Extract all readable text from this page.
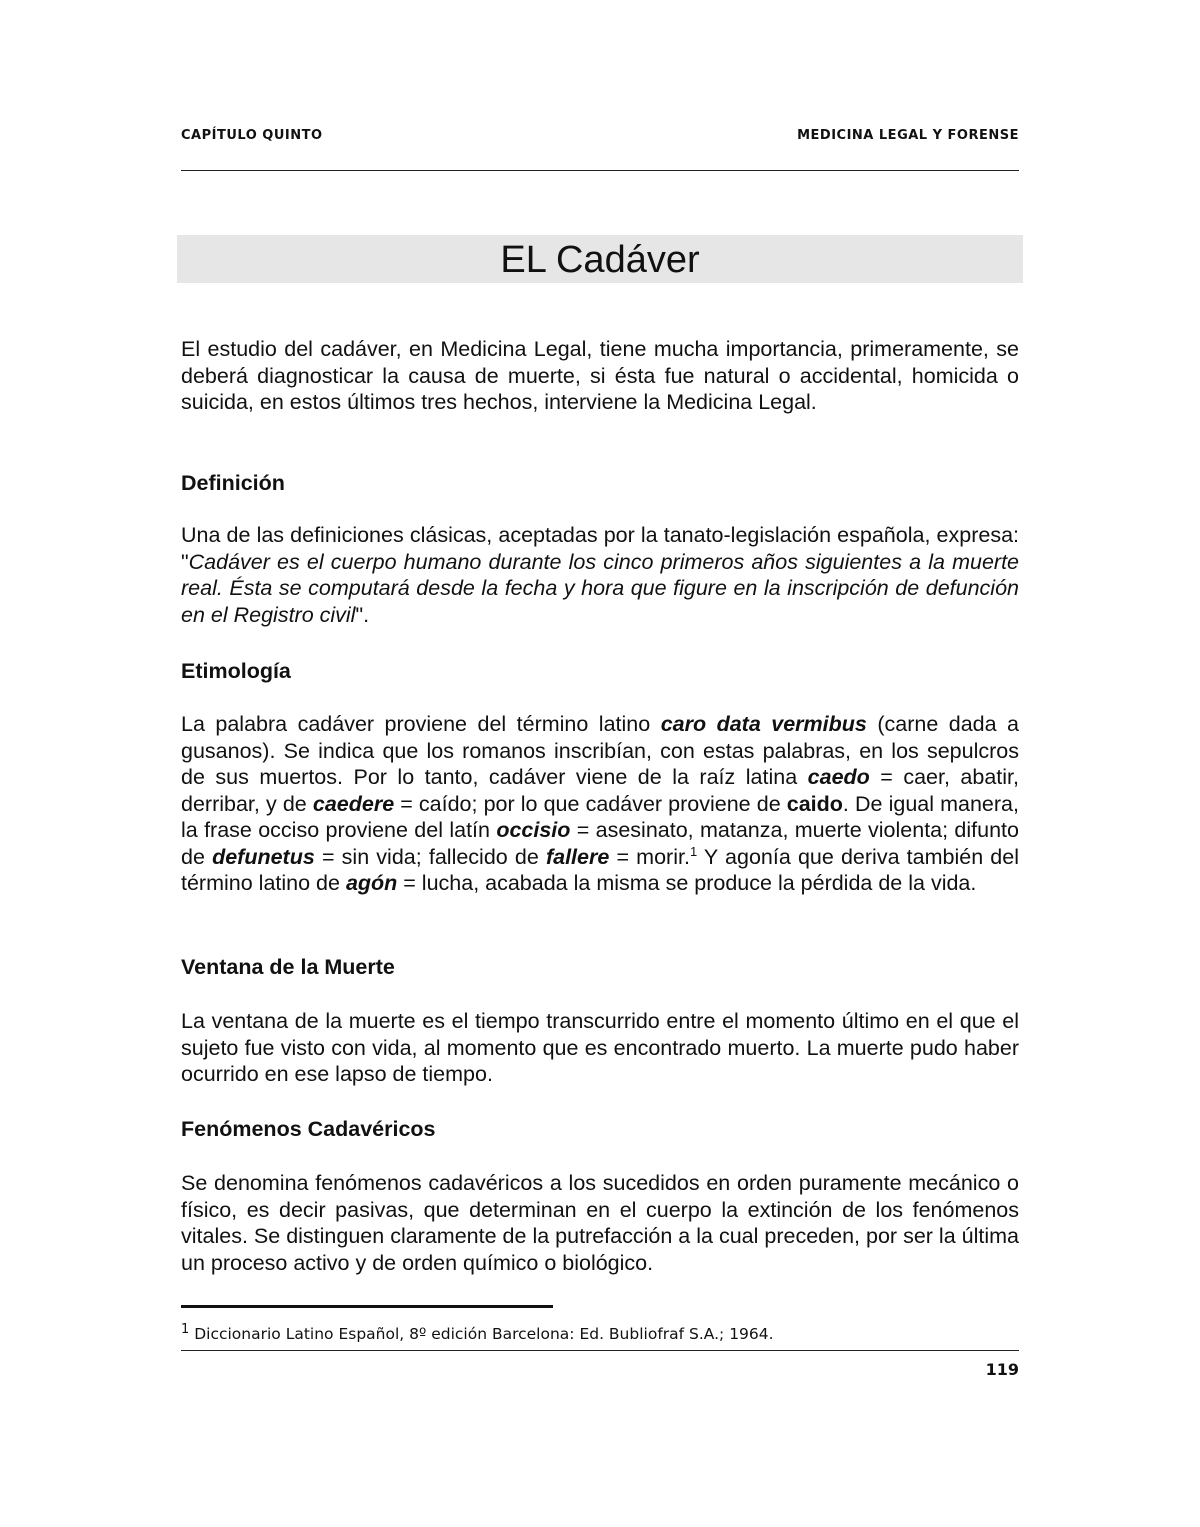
CAPÍTULO QUINTO	MEDICINA LEGAL Y FORENSE
EL Cadáver

El estudio del cadáver, en Medicina Legal, tiene mucha importancia, primeramente, se deberá diagnosticar la causa de muerte, si ésta fue natural o accidental, homicida o suicida, en estos últimos tres hechos, interviene la Medicina Legal.

Definición

Una de las definiciones clásicas, aceptadas por la tanato-legislación española, expresa: "Cadáver es el cuerpo humano durante los cinco primeros años siguientes a la muerte real. Ésta se computará desde la fecha y hora que figure en la inscripción de defunción en el Registro civil".

Etimología

La palabra cadáver proviene del término latino caro data vermibus (carne dada a gusanos). Se indica que los romanos inscribían, con estas palabras, en los sepulcros de sus muertos. Por lo tanto, cadáver viene de la raíz latina caedo = caer, abatir, derribar, y de caedere = caído; por lo que cadáver proviene de caido. De igual manera, la frase occiso proviene del latín occisio = asesinato, matanza, muerte violenta; difunto de defunetus = sin vida; fallecido de fallere = morir.$^1$ Y agonía que deriva también del término latino de agón = lucha, acabada la misma se produce la pérdida de la vida.

Ventana de la Muerte

La ventana de la muerte es el tiempo transcurrido entre el momento último en el que el sujeto fue visto con vida, al momento que es encontrado muerto. La muerte pudo haber ocurrido en ese lapso de tiempo.

Fenómenos Cadavéricos

Se denomina fenómenos cadavéricos a los sucedidos en orden puramente mecánico o físico, es decir pasivas, que determinan en el cuerpo la extinción de los fenómenos vitales. Se distinguen claramente de la putrefacción a la cual preceden, por ser la última un proceso activo y de orden químico o biológico.

$^1$ Diccionario Latino Español, 8º edición Barcelona: Ed. Bubliofraf S.A.; 1964.
119
